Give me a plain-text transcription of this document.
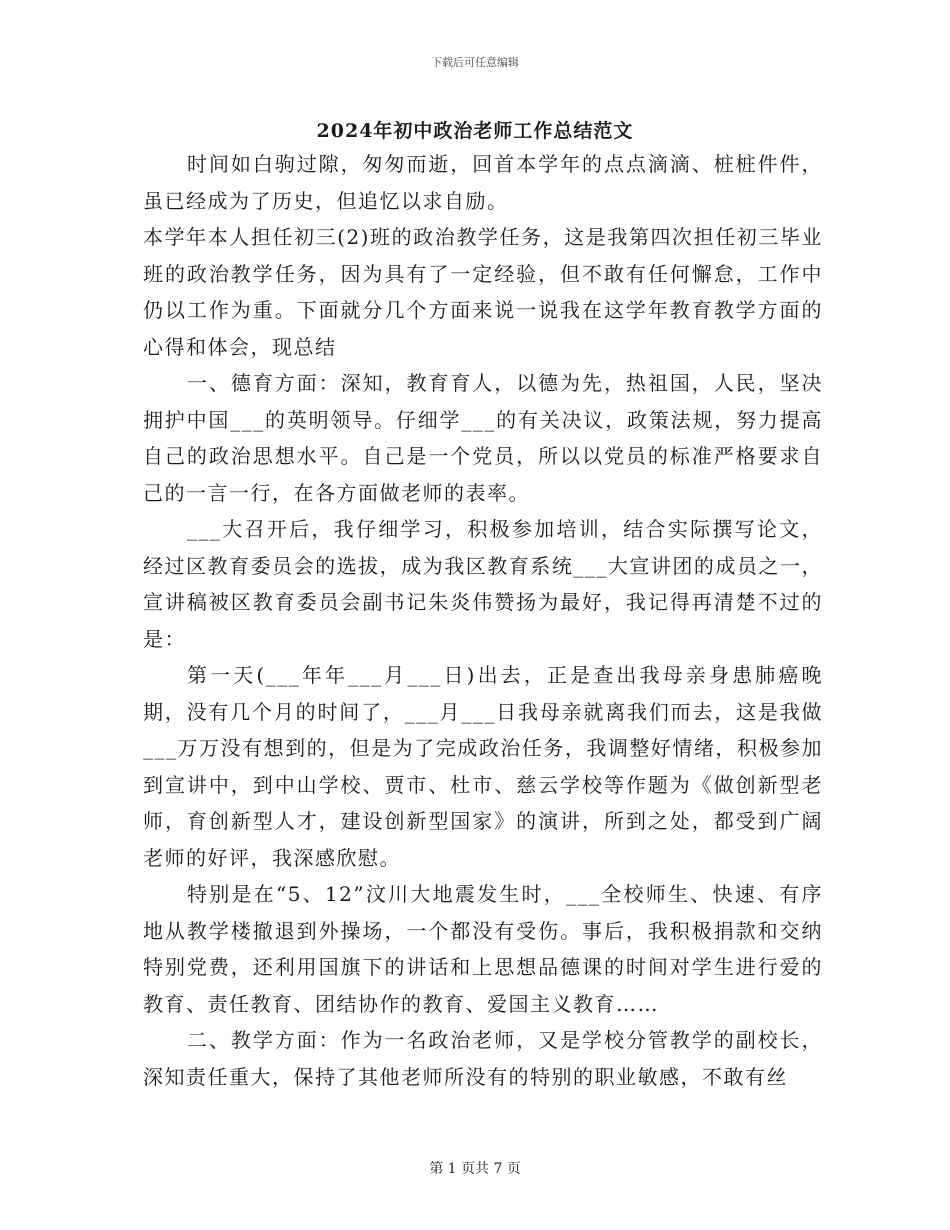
下载后可任意编辑
2024年初中政治老师工作总结范文

时间如白驹过隙，匆匆而逝，回首本学年的点点滴滴、桩桩件件，虽已经成为了历史，但追忆以求自励。

本学年本人担任初三(2)班的政治教学任务，这是我第四次担任初三毕业班的政治教学任务，因为具有了一定经验，但不敢有任何懈怠，工作中仍以工作为重。下面就分几个方面来说一说我在这学年教育教学方面的心得和体会，现总结

一、德育方面：深知，教育育人，以德为先，热祖国，人民，坚决拥护中国___的英明领导。仔细学___的有关决议，政策法规，努力提高自己的政治思想水平。自己是一个党员，所以以党员的标准严格要求自己的一言一行，在各方面做老师的表率。

___大召开后，我仔细学习，积极参加培训，结合实际撰写论文，经过区教育委员会的选拔，成为我区教育系统___大宣讲团的成员之一，宣讲稿被区教育委员会副书记朱炎伟赞扬为最好，我记得再清楚不过的是：

第一天(___年年___月___日)出去，正是查出我母亲身患肺癌晚期，没有几个月的时间了，___月___日我母亲就离我们而去，这是我做___万万没有想到的，但是为了完成政治任务，我调整好情绪，积极参加到宣讲中，到中山学校、贾市、杜市、慈云学校等作题为《做创新型老师，育创新型人才，建设创新型国家》的演讲，所到之处，都受到广阔老师的好评，我深感欣慰。

特别是在“5、12”汶川大地震发生时，___全校师生、快速、有序地从教学楼撤退到外操场，一个都没有受伤。事后，我积极捐款和交纳特别党费，还利用国旗下的讲话和上思想品德课的时间对学生进行爱的教育、责任教育、团结协作的教育、爱国主义教育……

二、教学方面：作为一名政治老师，又是学校分管教学的副校长，深知责任重大，保持了其他老师所没有的特别的职业敏感，不敢有丝

第 1 页共 7 页
